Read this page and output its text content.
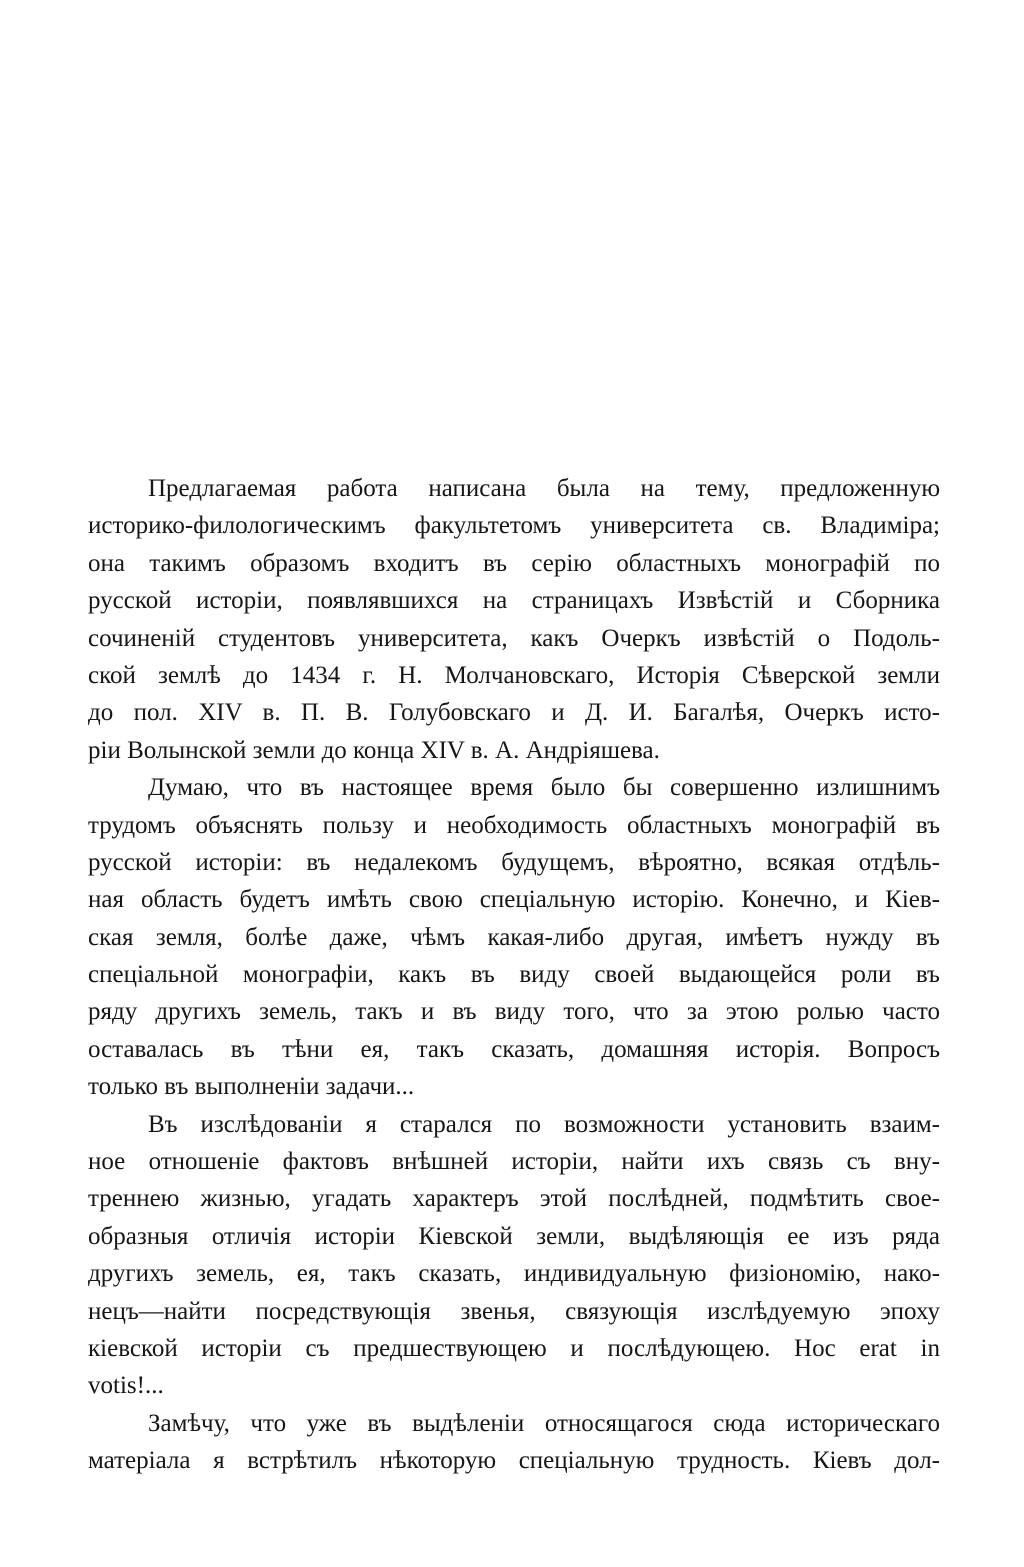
Предлагаемая работа написана была на тему, предложенную
историко-филологическимъ факультетомъ университета св. Владиміра;
она такимъ образомъ входитъ въ серію областныхъ монографій по
русской исторіи, появлявшихся на страницахъ Извѣстій и Сборника
сочиненій студентовъ университета, какъ Очеркъ извѣстій о Подоль-
ской землѣ до 1434 г. Н. Молчановскаго, Исторія Сѣверской земли
до пол. XIV в. П. В. Голубовскаго и Д. И. Багалѣя, Очеркъ исто-
ріи Волынской земли до конца XIV в. А. Андріяшева.
Думаю, что въ настоящее время было бы совершенно излишнимъ
трудомъ объяснять пользу и необходимость областныхъ монографій въ
русской исторіи: въ недалекомъ будущемъ, вѣроятно, всякая отдѣль-
ная область будетъ имѣть свою спеціальную исторію. Конечно, и Кіев-
ская земля, болѣе даже, чѣмъ какая-либо другая, имѣетъ нужду въ
спеціальной монографіи, какъ въ виду своей выдающейся роли въ
ряду другихъ земель, такъ и въ виду того, что за этою ролью часто
оставалась въ тѣни ея, такъ сказать, домашняя исторія. Вопросъ
только въ выполненіи задачи...
Въ изслѣдованіи я старался по возможности установить взаим-
ное отношеніе фактовъ внѣшней исторіи, найти ихъ связь съ вну-
треннею жизнью, угадать характеръ этой послѣдней, подмѣтить свое-
образныя отличія исторіи Кіевской земли, выдѣляющія ее изъ ряда
другихъ земель, ея, такъ сказать, индивидуальную физіономію, нако-
нецъ—найти посредствующія звенья, связующія изслѣдуемую эпоху
кіевской исторіи съ предшествующею и послѣдующею. Hoc erat in
votis!...
Замѣчу, что уже въ выдѣленіи относящагося сюда историческаго
матеріала я встрѣтилъ нѣкоторую спеціальную трудность. Кіевъ дол-
